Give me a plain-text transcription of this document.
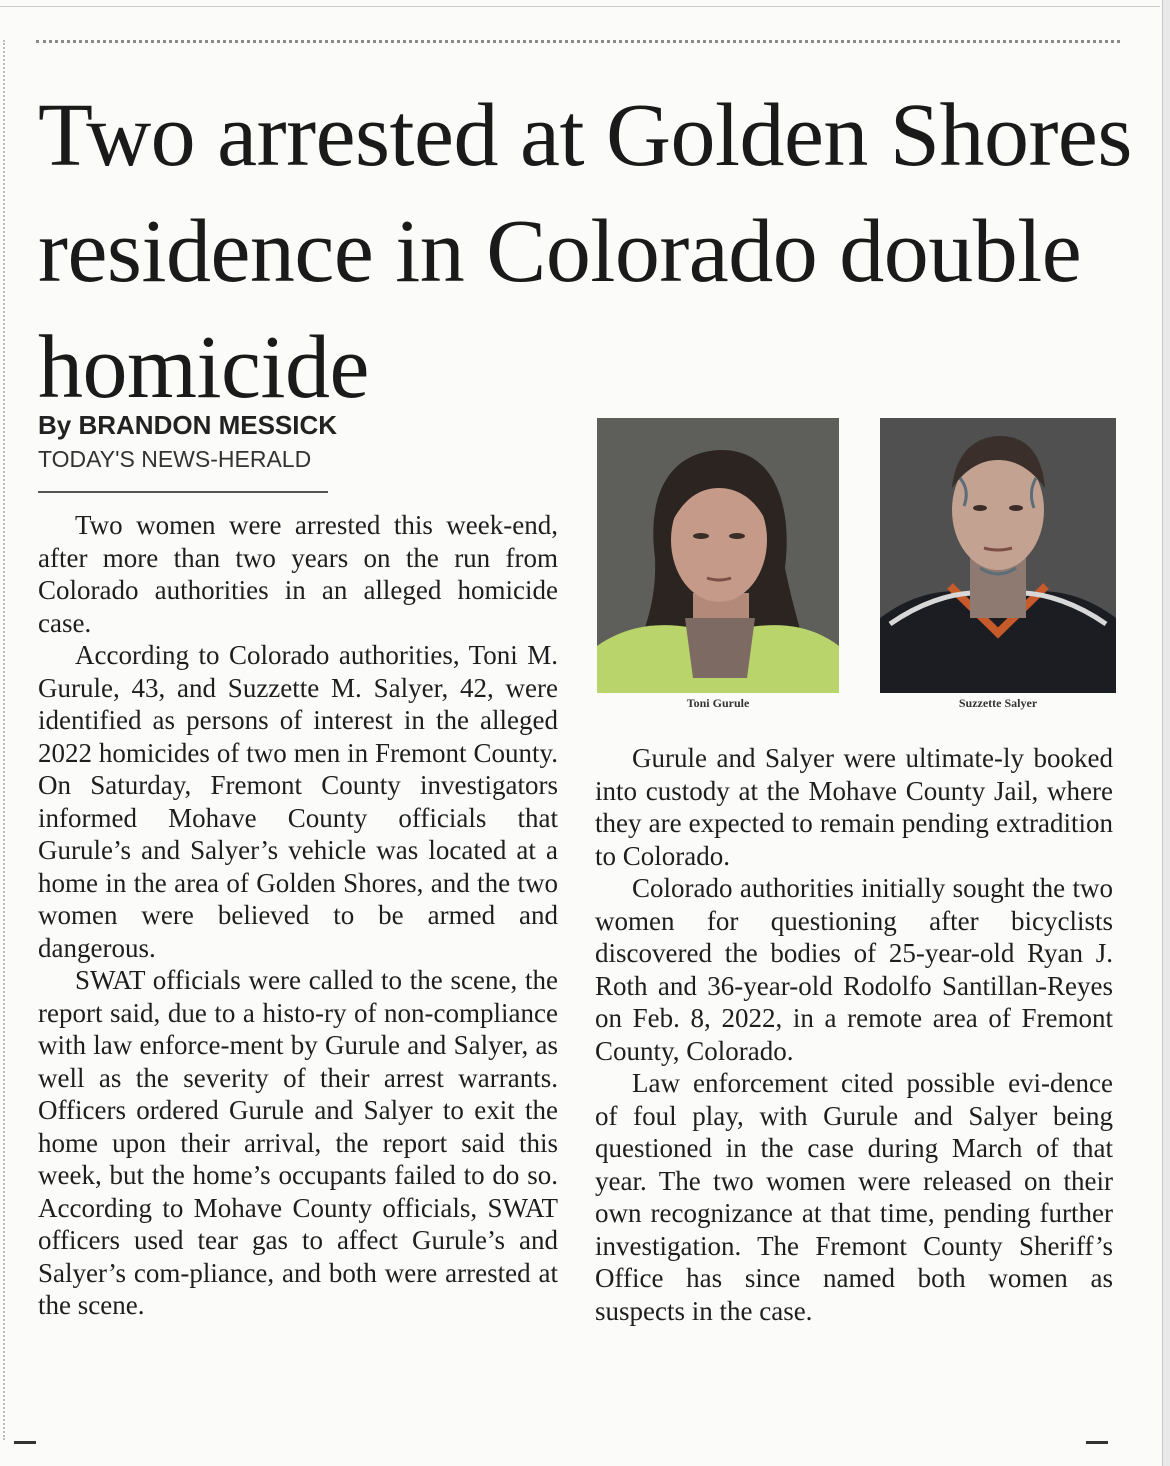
Two arrested at Golden Shores residence in Colorado double homicide
By BRANDON MESSICK
TODAY'S NEWS-HERALD

Two women were arrested this week-end, after more than two years on the run from Colorado authorities in an alleged homicide case.

According to Colorado authorities, Toni M. Gurule, 43, and Suzzette M. Salyer, 42, were identified as persons of interest in the alleged 2022 homicides of two men in Fremont County. On Saturday, Fremont County investigators informed Mohave County officials that Gurule’s and Salyer’s vehicle was located at a home in the area of Golden Shores, and the two women were believed to be armed and dangerous.

SWAT officials were called to the scene, the report said, due to a histo-ry of non-compliance with law enforce-ment by Gurule and Salyer, as well as the severity of their arrest warrants. Officers ordered Gurule and Salyer to exit the home upon their arrival, the report said this week, but the home’s occupants failed to do so. According to Mohave County officials, SWAT officers used tear gas to affect Gurule’s and Salyer’s com-pliance, and both were arrested at the scene.

Toni Gurule	Suzzette Salyer

Gurule and Salyer were ultimate-ly booked into custody at the Mohave County Jail, where they are expected to remain pending extradition to Colorado.

Colorado authorities initially sought the two women for questioning after bicyclists discovered the bodies of 25-year-old Ryan J. Roth and 36-year-old Rodolfo Santillan-Reyes on Feb. 8, 2022, in a remote area of Fremont County, Colorado.

Law enforcement cited possible evi-dence of foul play, with Gurule and Salyer being questioned in the case during March of that year. The two women were released on their own recognizance at that time, pending further investigation. The Fremont County Sheriff’s Office has since named both women as suspects in the case.
